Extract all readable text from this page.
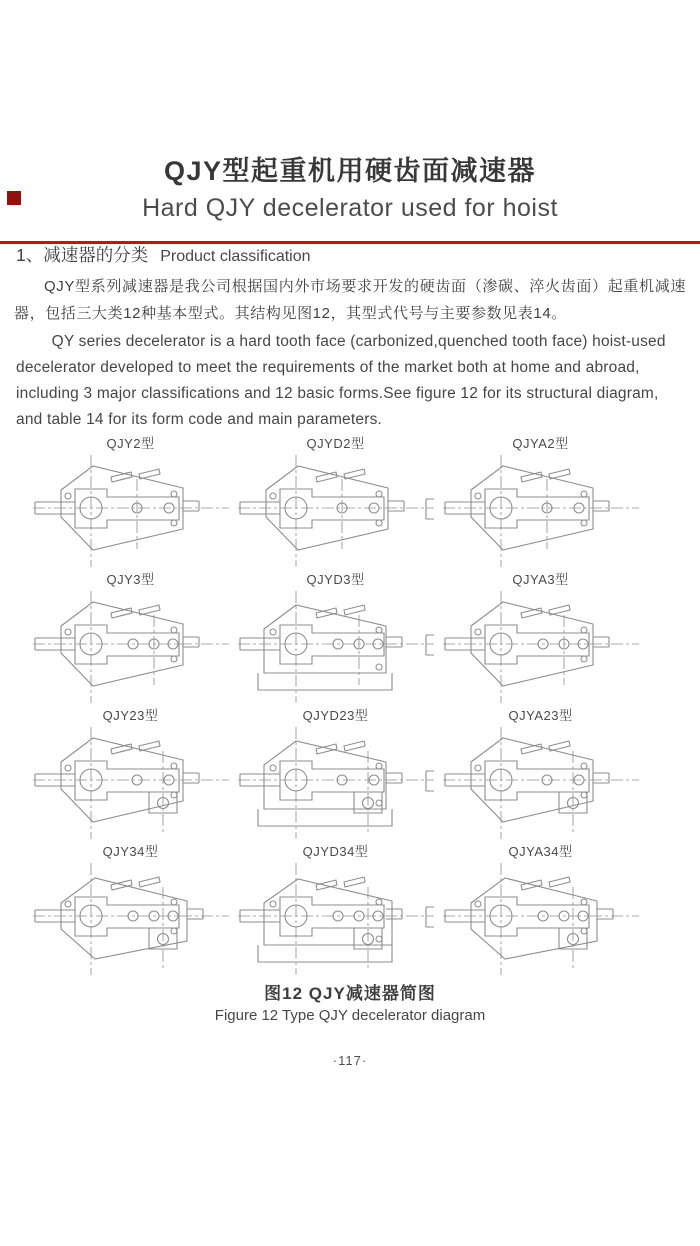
QJY型起重机用硬齿面减速器
Hard QJY decelerator used for hoist
1、减速器的分类 Product classification

QJY型系列减速器是我公司根据国内外市场要求开发的硬齿面（渗碳、淬火齿面）起重机减速器，包括三大类12种基本型式。其结构见图12，其型式代号与主要参数见表14。

QY series decelerator is a hard tooth face (carbonized,quenched tooth face) hoist-used decelerator developed to meet the requirements of the market both at home and abroad, including 3 major classifications and 12 basic forms.See figure 12 for its structural diagram, and table 14 for its form code and main parameters.

QJY2型	QJYD2型	QJYA2型
QJY3型	QJYD3型	QJYA3型
QJY23型	QJYD23型	QJYA23型
QJY34型	QJYD34型	QJYA34型
图12 QJY减速器简图
Figure 12 Type QJY decelerator diagram
·117·
